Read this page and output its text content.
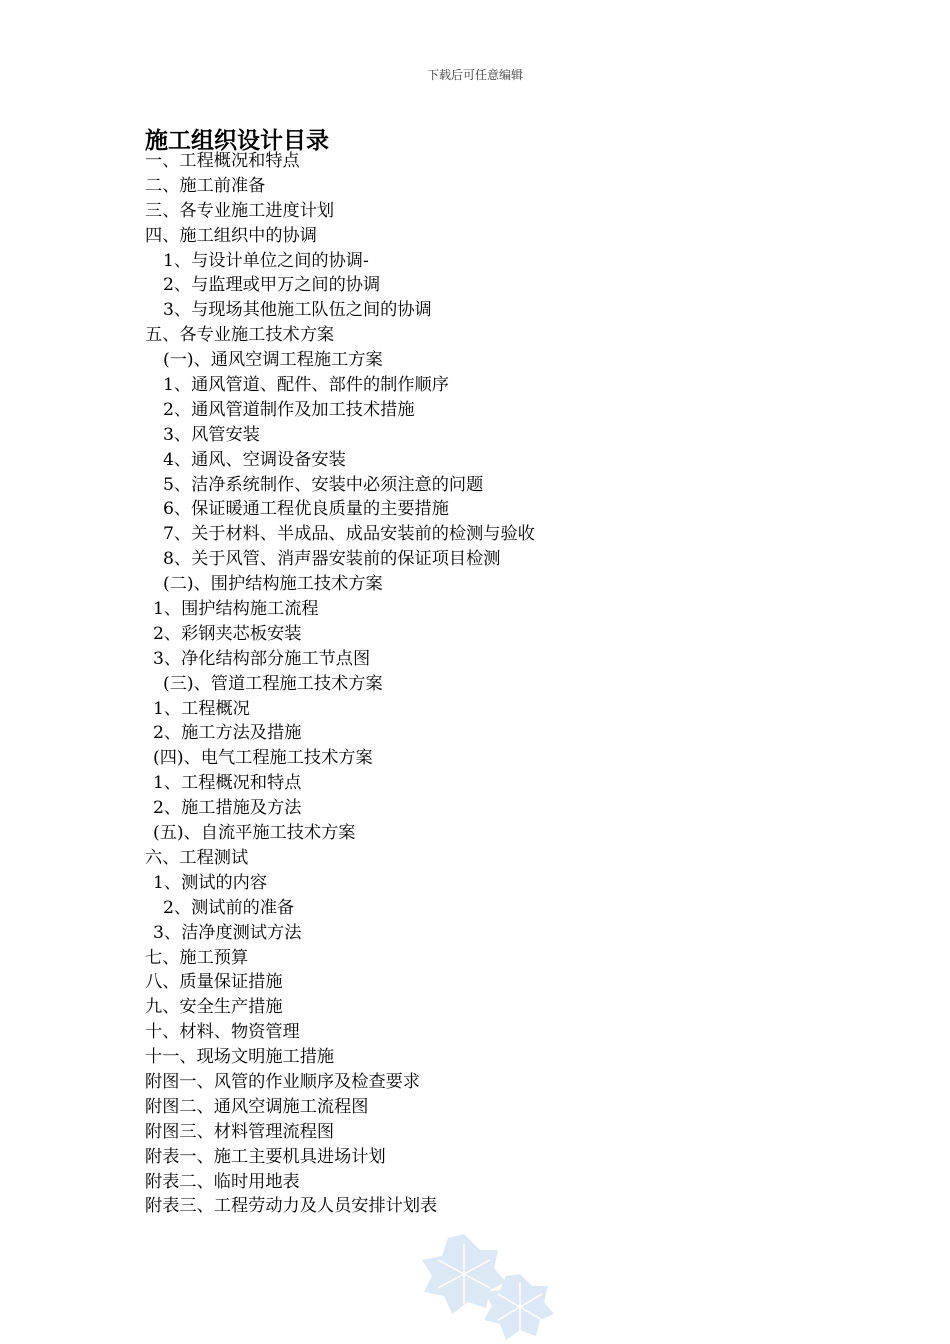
下载后可任意编辑
施工组织设计目录
一、工程概况和特点
二、施工前准备
三、各专业施工进度计划
四、施工组织中的协调
1、与设计单位之间的协调-
2、与监理或甲万之间的协调
3、与现场其他施工队伍之间的协调
五、各专业施工技术方案
(一)、通风空调工程施工方案
1、通风管道、配件、部件的制作顺序
2、通风管道制作及加工技术措施
3、风管安装
4、通风、空调设备安装
5、洁净系统制作、安装中必须注意的问题
6、保证暖通工程优良质量的主要措施
7、关于材料、半成品、成品安装前的检测与验收
8、关于风管、消声器安装前的保证项目检测
(二)、围护结构施工技术方案
1、围护结构施工流程
2、彩钢夹芯板安装
3、净化结构部分施工节点图
(三)、管道工程施工技术方案
1、工程概况
2、施工方法及措施
(四)、电气工程施工技术方案
1、工程概况和特点
2、施工措施及方法
(五)、自流平施工技术方案
六、工程测试
1、测试的内容
2、测试前的准备
3、洁净度测试方法
七、施工预算
八、质量保证措施
九、安全生产措施
十、材料、物资管理
十一、现场文明施工措施
附图一、风管的作业顺序及检查要求
附图二、通风空调施工流程图
附图三、材料管理流程图
附表一、施工主要机具进场计划
附表二、临时用地表
附表三、工程劳动力及人员安排计划表
